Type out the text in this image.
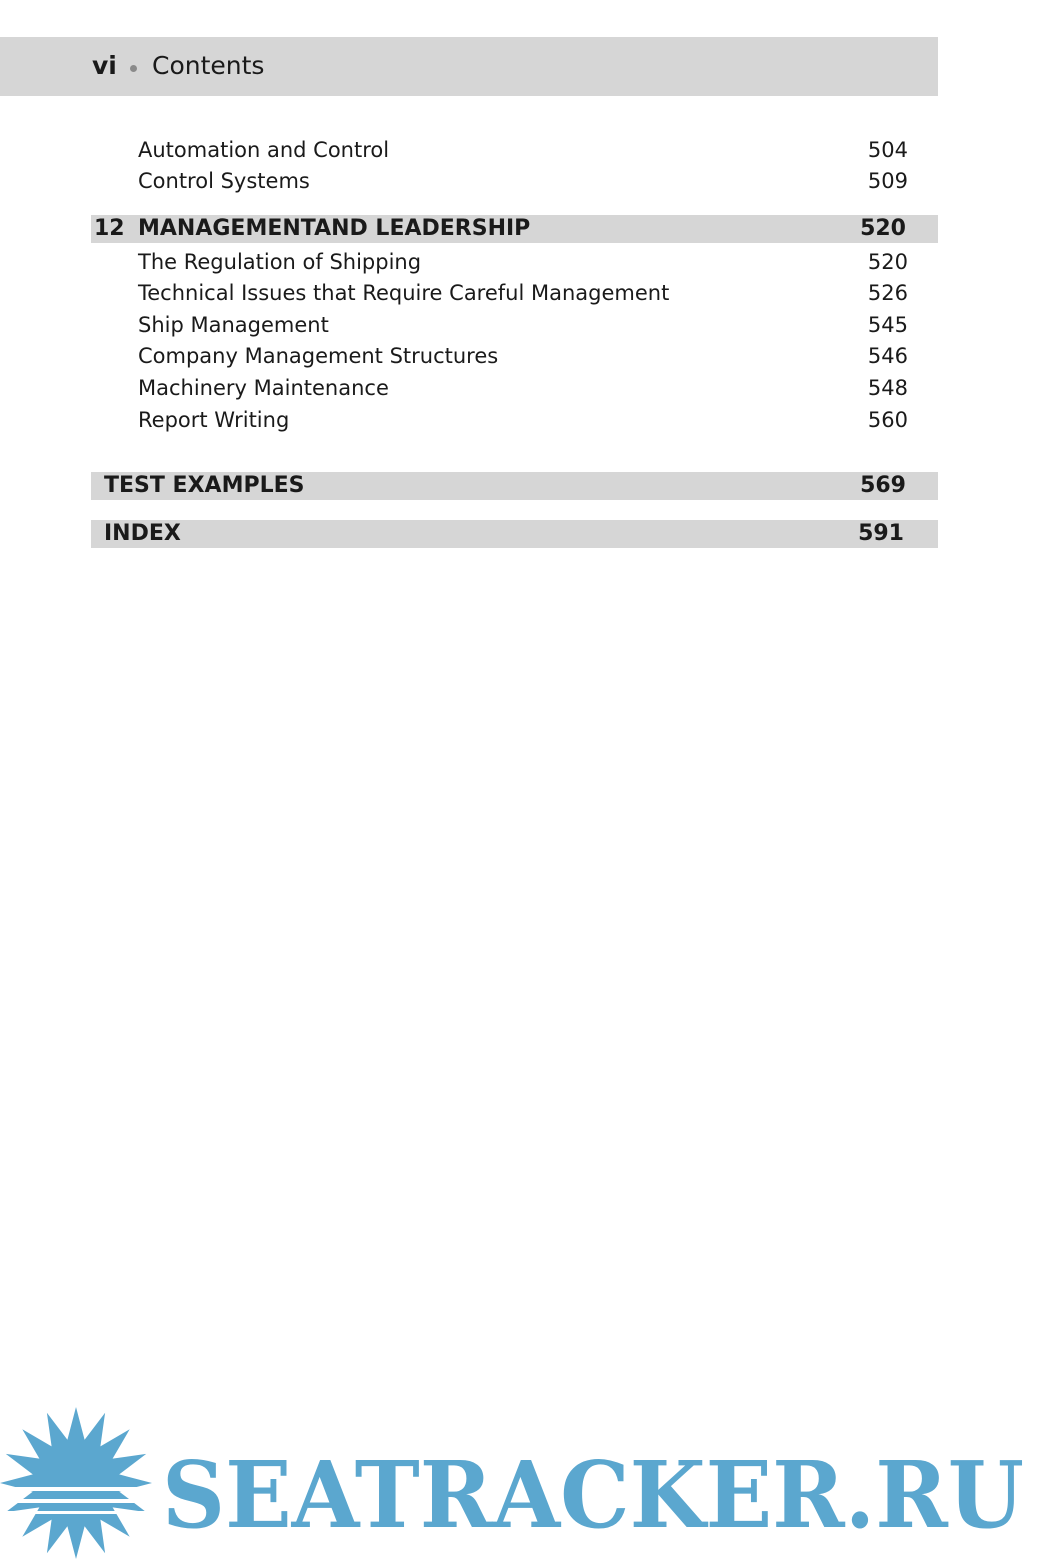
vi Contents
Automation and Control	504
Control Systems	509
12 MANAGEMENTAND LEADERSHIP	520
The Regulation of Shipping	520
Technical Issues that Require Careful Management	526
Ship Management	545
Company Management Structures	546
Machinery Maintenance	548
Report Writing	560
TEST EXAMPLES	569
INDEX	591
SEATRACKER.RU
